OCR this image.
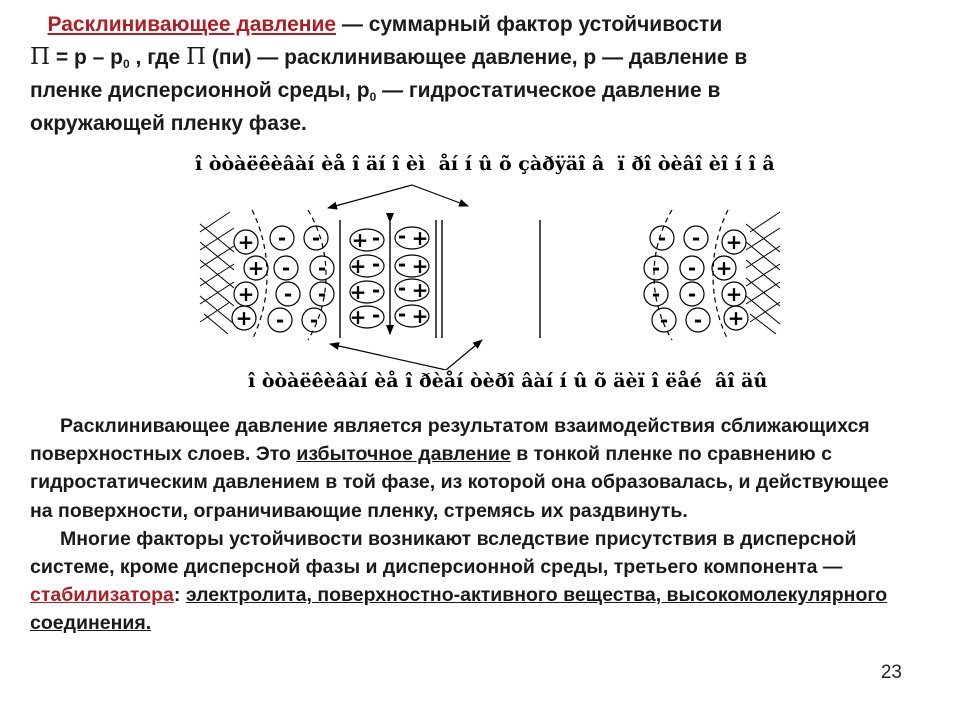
Расклинивающее давление — суммарный фактор устойчивости

$\Pi = р - р_0$ , где Π (пи) — расклинивающее давление, р — давление в

пленке дисперсионной среды, $р_0$ — гидростатическое давление в

окружающей пленку фазе.

î òòàëêèâàí èå î äí î èì  åí í û õ çàðÿäî â  ï ðî òèâî èî í î â
+
+
+
+
- -
- -
- -
- -
- -
- -
- -
- -
+
+
+
+
+ -
+ -
+ -
+ -
- +
- +
- +
- +
î òòàëêèâàí èå î ðèåí òèðî âàí í û õ äèï î ëåé  âî äû

Расклинивающее давление является результатом взаимодействия сближающихся поверхностных слоев. Это избыточное давление в тонкой пленке по сравнению с гидростатическим давлением в той фазе, из которой она образовалась, и действующее на поверхности, ограничивающие пленку, стремясь их раздвинуть.

Многие факторы устойчивости возникают вследствие присутствия в дисперсной системе, кроме дисперсной фазы и дисперсионной среды, третьего компонента — стабилизатора: электролита, поверхностно-активного вещества, высокомолекулярного соединения.

23
